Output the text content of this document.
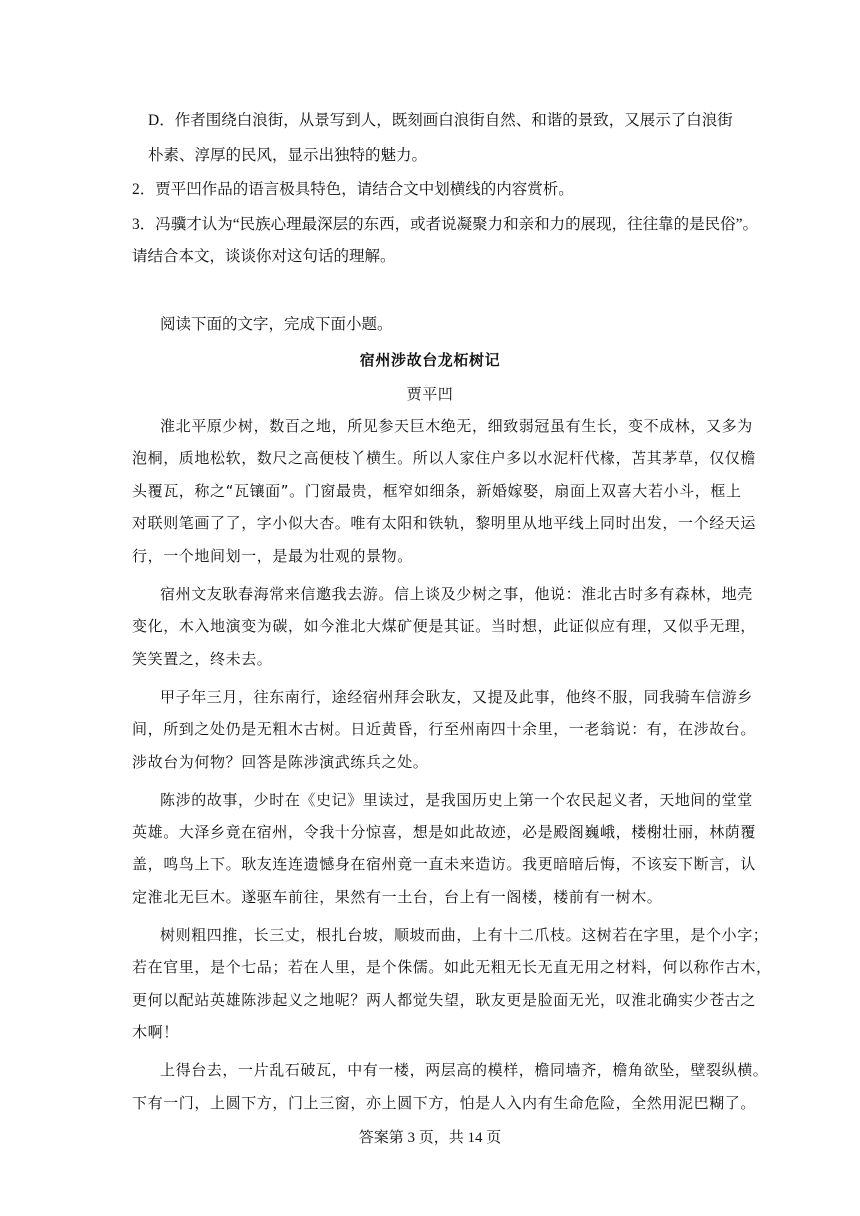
D．作者围绕白浪街，从景写到人，既刻画白浪街自然、和谐的景致，又展示了白浪街
朴素、淳厚的民风，显示出独特的魅力。
2．贾平凹作品的语言极具特色，请结合文中划横线的内容赏析。
3．冯骥才认为“民族心理最深层的东西，或者说凝聚力和亲和力的展现，往往靠的是民俗”。
请结合本文，谈谈你对这句话的理解。
阅读下面的文字，完成下面小题。
宿州涉故台龙柘树记
贾平凹
淮北平原少树，数百之地，所见参天巨木绝无，细致弱冠虽有生长，变不成林，又多为
泡桐，质地松软，数尺之高便枝丫横生。所以人家住户多以水泥杆代椽，苫其茅草，仅仅檐
头覆瓦，称之“瓦镶面”。门窗最贵，框窄如细条，新婚嫁娶，扇面上双喜大若小斗，框上
对联则笔画了了，字小似大杏。唯有太阳和铁轨，黎明里从地平线上同时出发，一个经天运
行，一个地间划一，是最为壮观的景物。
宿州文友耿春海常来信邀我去游。信上谈及少树之事，他说：淮北古时多有森林，地壳
变化，木入地演变为碳，如今淮北大煤矿便是其证。当时想，此证似应有理，又似乎无理，
笑笑置之，终未去。
甲子年三月，往东南行，途经宿州拜会耿友，又提及此事，他终不服，同我骑车信游乡
间，所到之处仍是无粗木古树。日近黄昏，行至州南四十余里，一老翁说：有，在涉故台。
涉故台为何物？回答是陈涉演武练兵之处。
陈涉的故事，少时在《史记》里读过，是我国历史上第一个农民起义者，天地间的堂堂
英雄。大泽乡竟在宿州，令我十分惊喜，想是如此故迹，必是殿阁巍峨，楼榭壮丽，林荫覆
盖，鸣鸟上下。耿友连连遗憾身在宿州竟一直未来造访。我更暗暗后悔，不该妄下断言，认
定淮北无巨木。遂驱车前往，果然有一土台，台上有一阁楼，楼前有一树木。
树则粗四推，长三丈，根扎台坡，顺坡而曲，上有十二爪枝。这树若在字里，是个小字；
若在官里，是个七品；若在人里，是个侏儒。如此无粗无长无直无用之材料，何以称作古木，
更何以配站英雄陈涉起义之地呢？两人都觉失望，耿友更是脸面无光，叹淮北确实少苍古之
木啊！
上得台去，一片乱石破瓦，中有一楼，两层高的模样，檐同墙齐，檐角欲坠，壁裂纵横。
下有一门，上圆下方，门上三窗，亦上圆下方，怕是人入内有生命危险，全然用泥巴糊了。
答案第 3 页，共 14 页
